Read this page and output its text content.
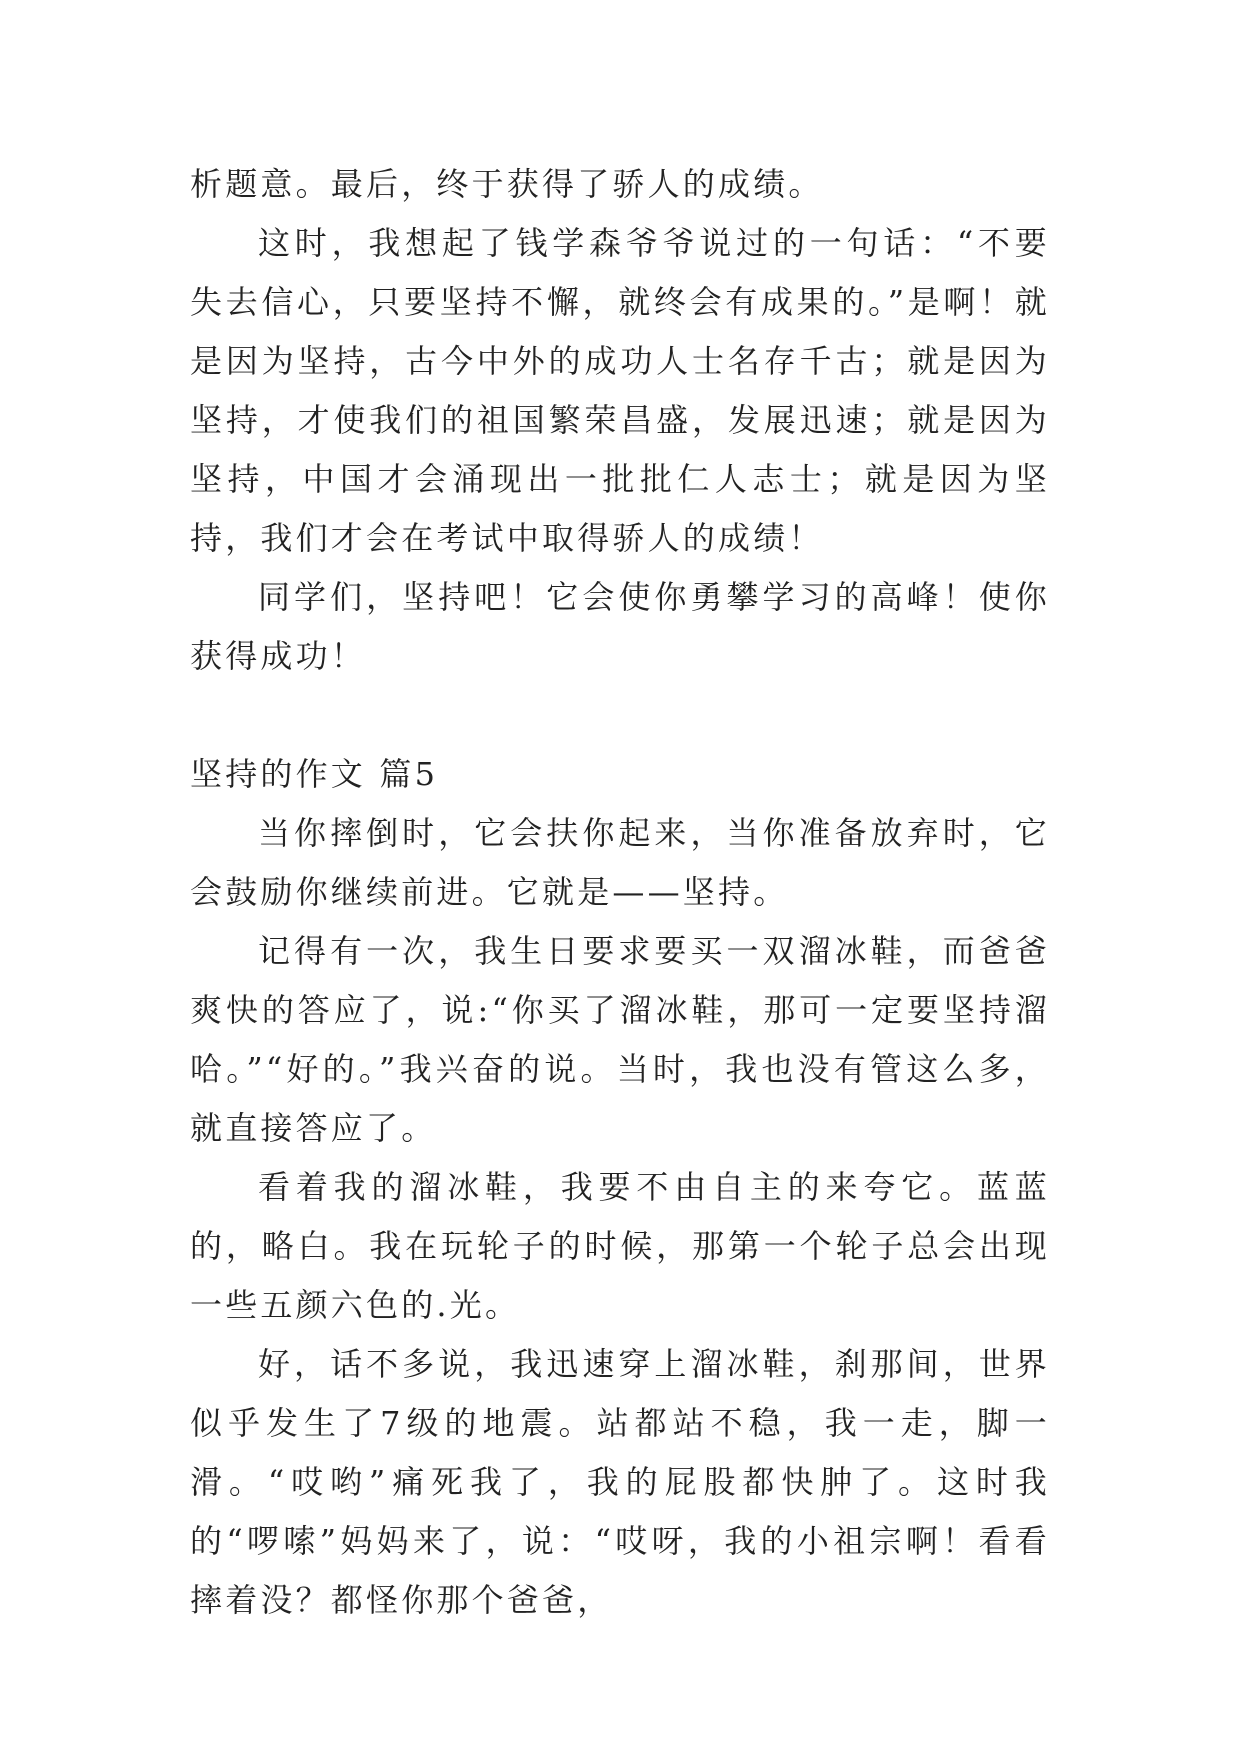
析题意。最后，终于获得了骄人的成绩。

这时，我想起了钱学森爷爷说过的一句话：“不要失去信心，只要坚持不懈，就终会有成果的。”是啊！就是因为坚持，古今中外的成功人士名存千古；就是因为坚持，才使我们的祖国繁荣昌盛，发展迅速；就是因为坚持，中国才会涌现出一批批仁人志士；就是因为坚持，我们才会在考试中取得骄人的成绩！

同学们，坚持吧！它会使你勇攀学习的高峰！使你获得成功！

坚持的作文 篇5

当你摔倒时，它会扶你起来，当你准备放弃时，它会鼓励你继续前进。它就是——坚持。

记得有一次，我生日要求要买一双溜冰鞋，而爸爸爽快的答应了，说:“你买了溜冰鞋，那可一定要坚持溜哈。”“好的。”我兴奋的说。当时，我也没有管这么多，就直接答应了。

看着我的溜冰鞋，我要不由自主的来夸它。蓝蓝的，略白。我在玩轮子的时候，那第一个轮子总会出现一些五颜六色的.光。

好，话不多说，我迅速穿上溜冰鞋，刹那间，世界似乎发生了7级的地震。站都站不稳，我一走，脚一滑。“哎哟”痛死我了，我的屁股都快肿了。这时我的“啰嗦”妈妈来了，说：“哎呀，我的小祖宗啊！看看摔着没？都怪你那个爸爸，
